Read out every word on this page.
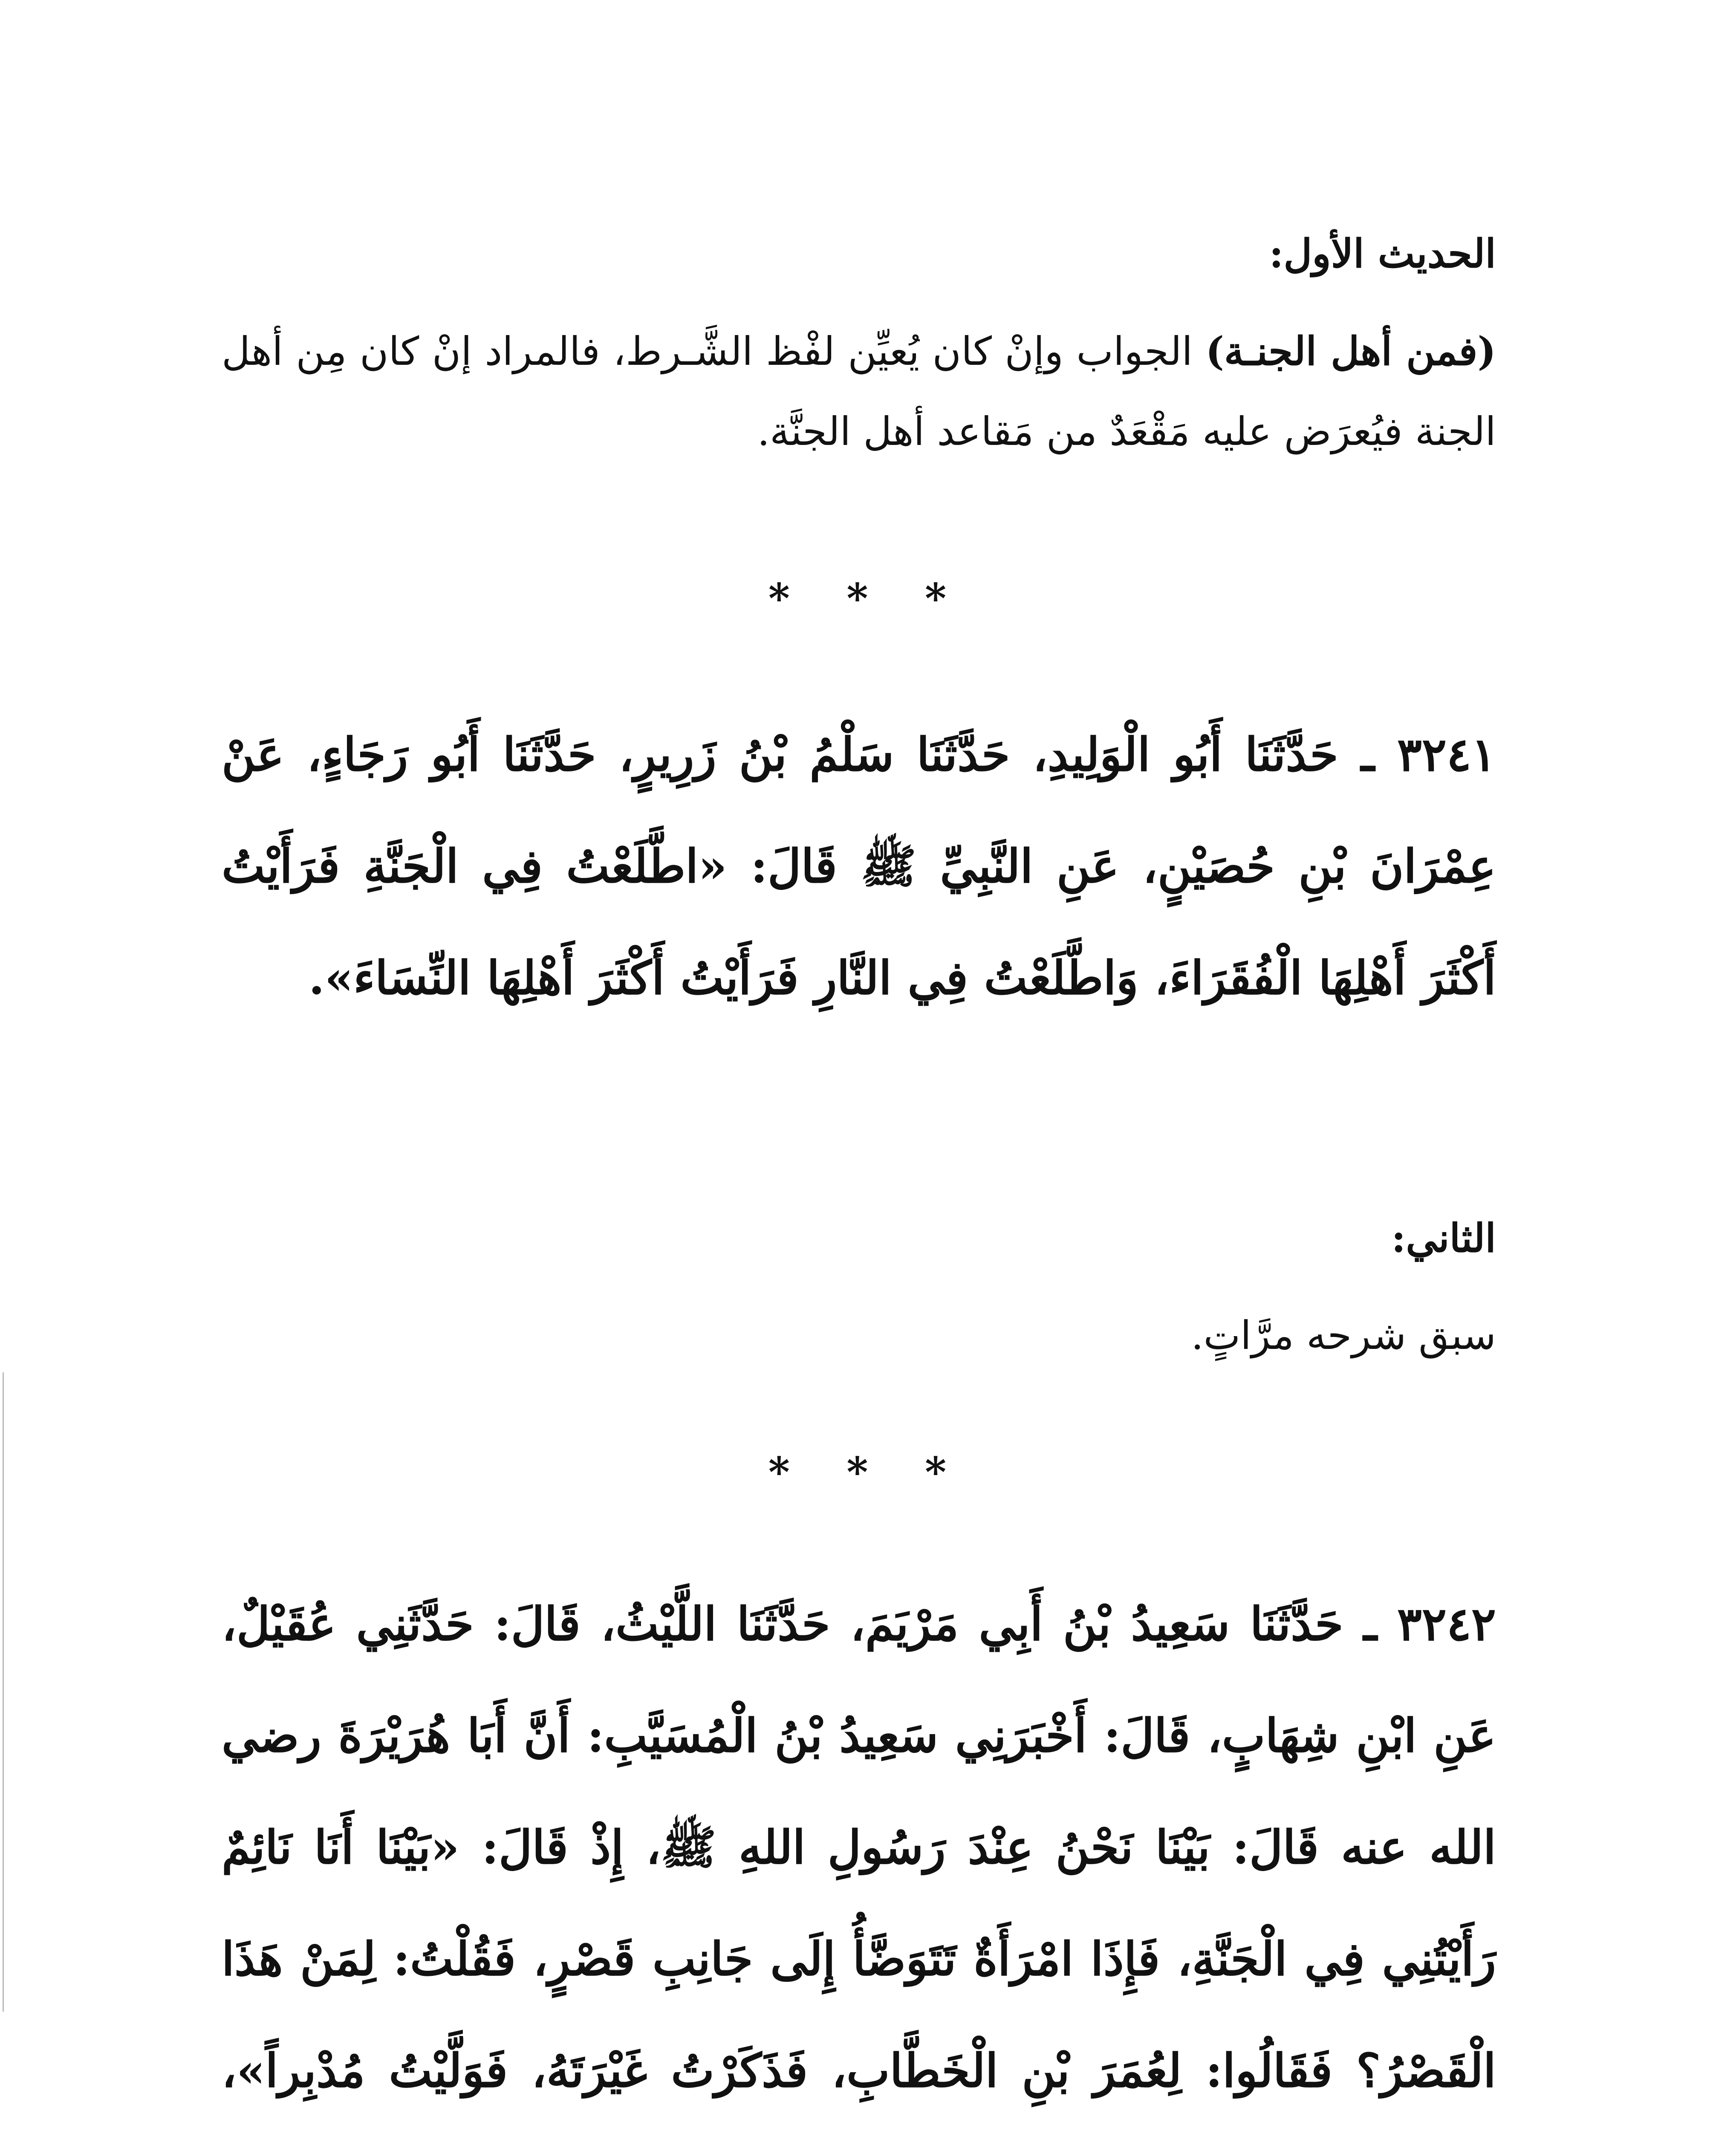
الحديث الأول:
(فمن أهل الجنـة) الجواب وإنْ كان يُعيِّن لفْظ الشَّـرط، فالمراد إنْ كان مِن أهل الجنة فيُعرَض عليه مَقْعَدٌ من مَقاعد أهل الجنَّة.
* * *
٣٢٤١ ـ حَدَّثَنَا أَبُو الْوَلِيدِ، حَدَّثَنَا سَلْمُ بْنُ زَرِيرٍ، حَدَّثَنَا أَبُو رَجَاءٍ، عَنْ عِمْرَانَ بْنِ حُصَيْنٍ، عَنِ النَّبِيِّ ﷺ قَالَ: «اطَّلَعْتُ فِي الْجَنَّةِ فَرَأَيْتُ أَكْثَرَ أَهْلِهَا الْفُقَرَاءَ، وَاطَّلَعْتُ فِي النَّارِ فَرَأَيْتُ أَكْثَرَ أَهْلِهَا النِّسَاءَ».
الثاني:
سبق شرحه مرَّاتٍ.
* * *
٣٢٤٢ ـ حَدَّثَنَا سَعِيدُ بْنُ أَبِي مَرْيَمَ، حَدَّثَنَا اللَّيْثُ، قَالَ: حَدَّثَنِي عُقَيْلٌ، عَنِ ابْنِ شِهَابٍ، قَالَ: أَخْبَرَنِي سَعِيدُ بْنُ الْمُسَيَّبِ: أَنَّ أَبَا هُرَيْرَةَ رضي الله عنه قَالَ: بَيْنَا نَحْنُ عِنْدَ رَسُولِ اللهِ ﷺ، إِذْ قَالَ: «بَيْنَا أَنَا نَائِمٌ رَأَيْتُنِي فِي الْجَنَّةِ، فَإِذَا امْرَأَةٌ تَتَوَضَّأُ إِلَى جَانِبِ قَصْرٍ، فَقُلْتُ: لِمَنْ هَذَا الْقَصْرُ؟ فَقَالُوا: لِعُمَرَ بْنِ الْخَطَّابِ، فَذَكَرْتُ غَيْرَتَهُ، فَوَلَّيْتُ مُدْبِراً»،
